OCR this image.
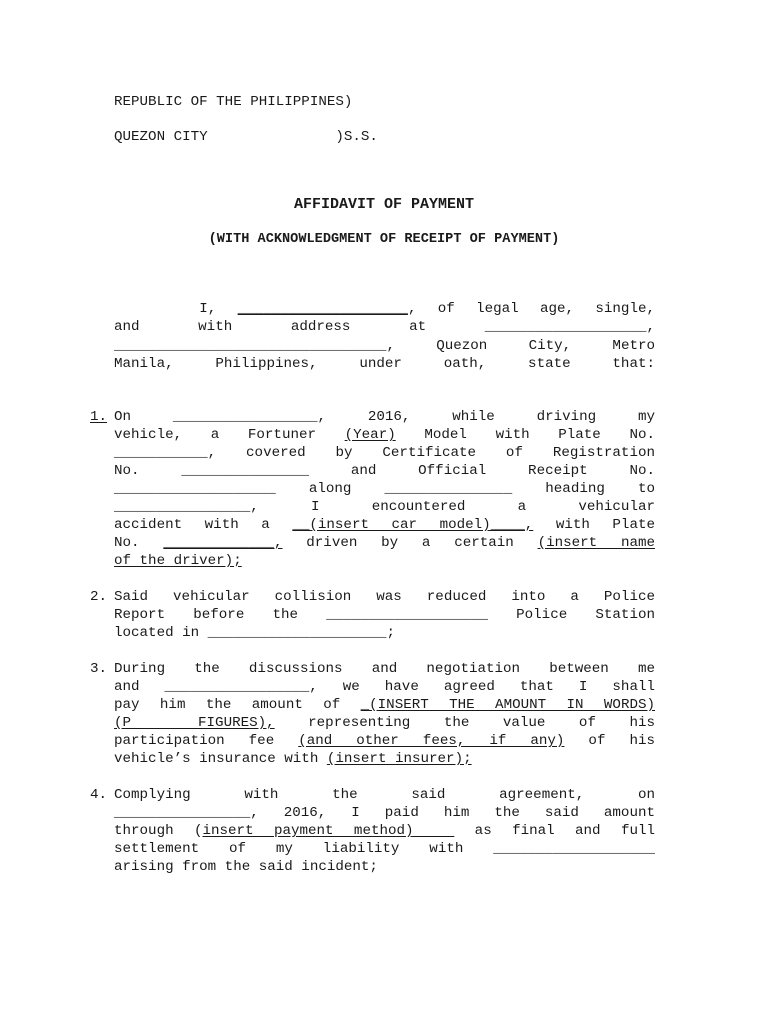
REPUBLIC OF THE PHILIPPINES)
QUEZON CITY               )S.S.
AFFIDAVIT OF PAYMENT
(WITH ACKNOWLEDGMENT OF RECEIPT OF PAYMENT)
I, ____________________, of legal age, single,
and with address at ___________________,
________________________________, Quezon City, Metro
Manila, Philippines, under oath, state that:
1. On _________________, 2016, while driving my
vehicle, a Fortuner (Year) Model with Plate No.
___________, covered by Certificate of Registration
No. _______________ and Official Receipt No.
___________________ along _______________ heading to
________________, I encountered a vehicular
accident with a __(insert car model)____, with Plate
No. _____________, driven by a certain (insert name
of the driver);
2. Said vehicular collision was reduced into a Police
Report before the ___________________ Police Station
located in _____________________;
3. During the discussions and negotiation between me
and _________________, we have agreed that I shall
pay him the amount of _(INSERT THE AMOUNT IN WORDS)
(P  FIGURES), representing the value of his
participation fee (and other fees, if any) of his
vehicle’s insurance with (insert insurer);
4. Complying with the said agreement, on
________________, 2016, I paid him the said amount
through (insert payment method)   as final and full
settlement of my liability with ___________________
arising from the said incident;
